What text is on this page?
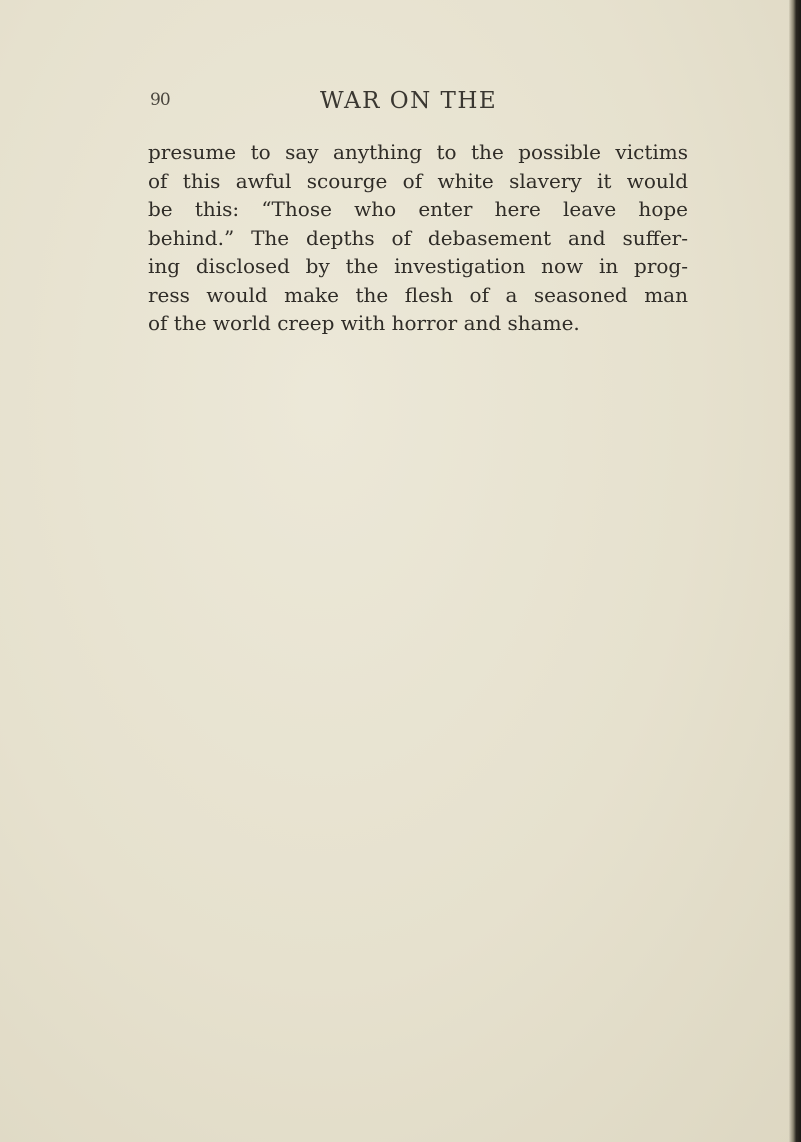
90	WAR ON THE
presume to say anything to the possible victims
of this awful scourge of white slavery it would
be this: “Those who enter here leave hope
behind.” The depths of debasement and suffer-
ing disclosed by the investigation now in prog-
ress would make the flesh of a seasoned man
of the world creep with horror and shame.
